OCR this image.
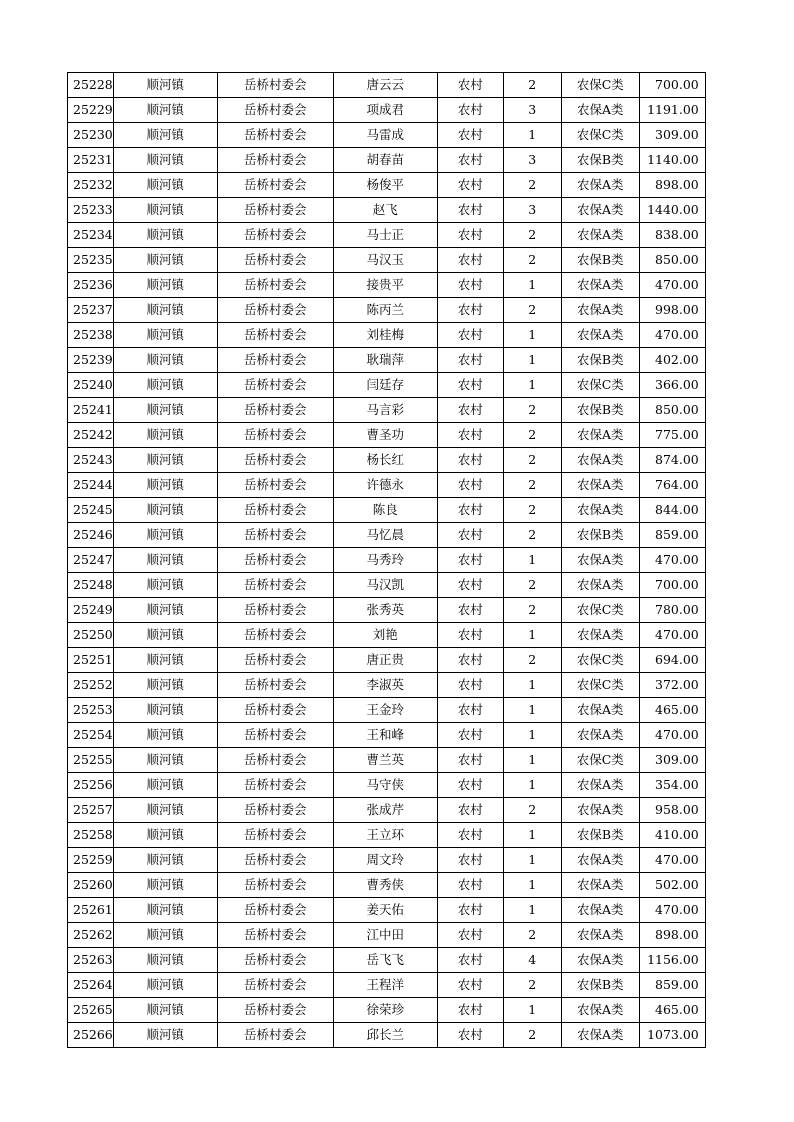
25228	顺河镇	岳桥村委会	唐云云	农村	2	农保C类	700.00
25229	顺河镇	岳桥村委会	项成君	农村	3	农保A类	1191.00
25230	顺河镇	岳桥村委会	马雷成	农村	1	农保C类	309.00
25231	顺河镇	岳桥村委会	胡春苗	农村	3	农保B类	1140.00
25232	顺河镇	岳桥村委会	杨俊平	农村	2	农保A类	898.00
25233	顺河镇	岳桥村委会	赵飞	农村	3	农保A类	1440.00
25234	顺河镇	岳桥村委会	马士正	农村	2	农保A类	838.00
25235	顺河镇	岳桥村委会	马汉玉	农村	2	农保B类	850.00
25236	顺河镇	岳桥村委会	接贵平	农村	1	农保A类	470.00
25237	顺河镇	岳桥村委会	陈丙兰	农村	2	农保A类	998.00
25238	顺河镇	岳桥村委会	刘桂梅	农村	1	农保A类	470.00
25239	顺河镇	岳桥村委会	耿瑞萍	农村	1	农保B类	402.00
25240	顺河镇	岳桥村委会	闫廷存	农村	1	农保C类	366.00
25241	顺河镇	岳桥村委会	马言彩	农村	2	农保B类	850.00
25242	顺河镇	岳桥村委会	曹圣功	农村	2	农保A类	775.00
25243	顺河镇	岳桥村委会	杨长红	农村	2	农保A类	874.00
25244	顺河镇	岳桥村委会	许德永	农村	2	农保A类	764.00
25245	顺河镇	岳桥村委会	陈良	农村	2	农保A类	844.00
25246	顺河镇	岳桥村委会	马忆晨	农村	2	农保B类	859.00
25247	顺河镇	岳桥村委会	马秀玲	农村	1	农保A类	470.00
25248	顺河镇	岳桥村委会	马汉凯	农村	2	农保A类	700.00
25249	顺河镇	岳桥村委会	张秀英	农村	2	农保C类	780.00
25250	顺河镇	岳桥村委会	刘艳	农村	1	农保A类	470.00
25251	顺河镇	岳桥村委会	唐正贵	农村	2	农保C类	694.00
25252	顺河镇	岳桥村委会	李淑英	农村	1	农保C类	372.00
25253	顺河镇	岳桥村委会	王金玲	农村	1	农保A类	465.00
25254	顺河镇	岳桥村委会	王和峰	农村	1	农保A类	470.00
25255	顺河镇	岳桥村委会	曹兰英	农村	1	农保C类	309.00
25256	顺河镇	岳桥村委会	马守侠	农村	1	农保A类	354.00
25257	顺河镇	岳桥村委会	张成芹	农村	2	农保A类	958.00
25258	顺河镇	岳桥村委会	王立环	农村	1	农保B类	410.00
25259	顺河镇	岳桥村委会	周文玲	农村	1	农保A类	470.00
25260	顺河镇	岳桥村委会	曹秀侠	农村	1	农保A类	502.00
25261	顺河镇	岳桥村委会	姜天佑	农村	1	农保A类	470.00
25262	顺河镇	岳桥村委会	江中田	农村	2	农保A类	898.00
25263	顺河镇	岳桥村委会	岳飞飞	农村	4	农保A类	1156.00
25264	顺河镇	岳桥村委会	王程洋	农村	2	农保B类	859.00
25265	顺河镇	岳桥村委会	徐荣珍	农村	1	农保A类	465.00
25266	顺河镇	岳桥村委会	邱长兰	农村	2	农保A类	1073.00
